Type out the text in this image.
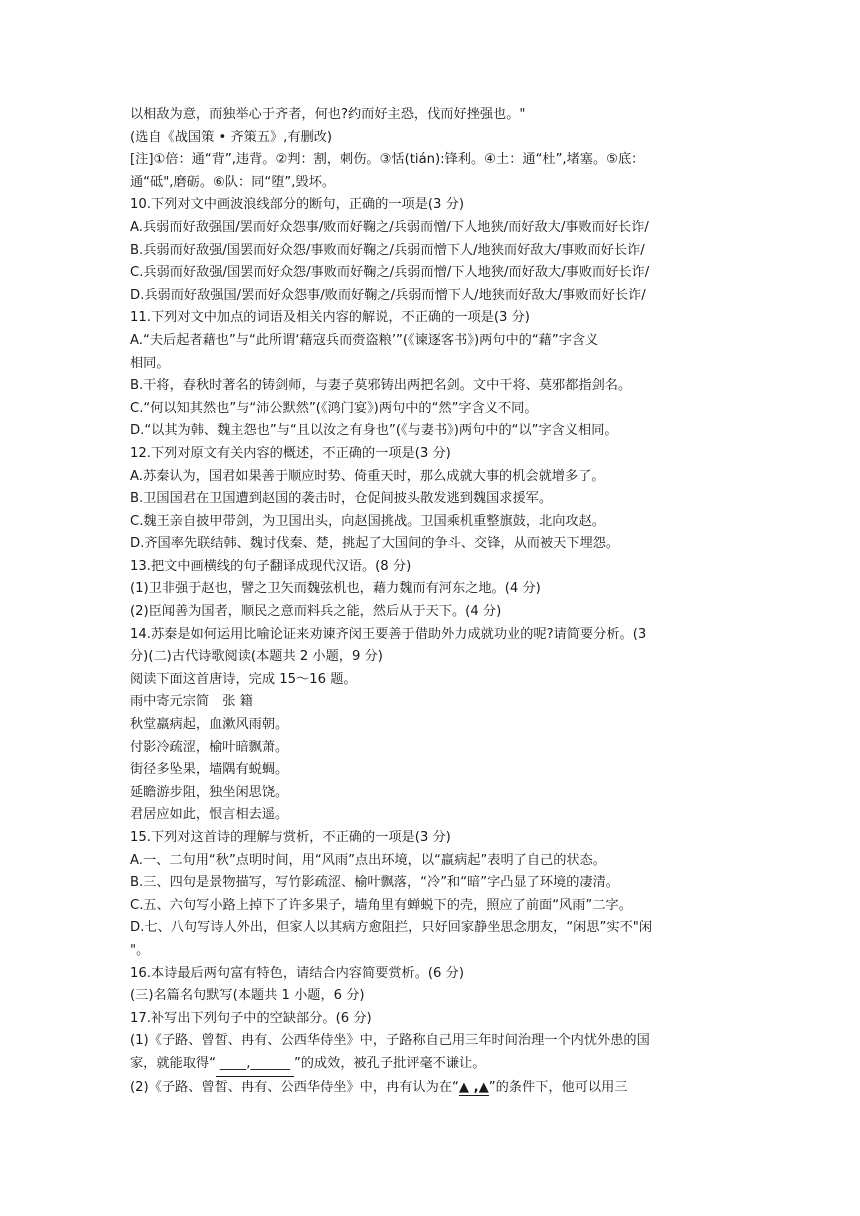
以相敌为意，而独举心于齐者，何也?约而好主恐，伐而好挫强也。"
(选自《战国策 • 齐策五》,有删改)
[注]①倍：通“背”,违背。②判：割，刺伤。③恬(tián):锋利。④土：通“杜”,堵塞。⑤底：
通“砥",磨砺。⑥队：同“堕”,毁坏。
10.下列对文中画波浪线部分的断句，正确的一项是(3 分)
A.兵弱而好敌强国/罢而好众怨事/败而好鞠之/兵弱而憎/下人地狭/而好敌大/事败而好长诈/
B.兵弱而好敌强/国罢而好众怨/事败而好鞠之/兵弱而憎下人/地狭而好敌大/事败而好长诈/
C.兵弱而好敌强/国罢而好众怨/事败而好鞠之/兵弱而憎/下人地狭/而好敌大/事败而好长诈/
D.兵弱而好敌强国/罢而好众怨事/败而好鞠之/兵弱而憎下人/地狭而好敌大/事败而好长诈/
11.下列对文中加点的词语及相关内容的解说，不正确的一项是(3 分)
A.“夫后起者藉也”与“此所谓‘藉寇兵而赍盗粮’”(《谏逐客书》)两句中的“藉”字含义
相同。
B.干将，春秋时著名的铸剑师，与妻子莫邪铸出两把名剑。文中干将、莫邪都指剑名。
C.“何以知其然也”与“沛公默然”(《鸿门宴》)两句中的“然”字含义不同。
D.“以其为韩、魏主怨也”与“且以汝之有身也”(《与妻书》)两句中的“以”字含义相同。
12.下列对原文有关内容的概述，不正确的一项是(3 分)
A.苏秦认为，国君如果善于顺应时势、倚重天时，那么成就大事的机会就增多了。
B.卫国国君在卫国遭到赵国的袭击时，仓促间披头散发逃到魏国求援军。
C.魏王亲自披甲带剑，为卫国出头，向赵国挑战。卫国乘机重整旗鼓，北向攻赵。
D.齐国率先联结韩、魏讨伐秦、楚，挑起了大国间的争斗、交锋，从而被天下埋怨。
13.把文中画横线的句子翻译成现代汉语。(8 分)
(1)卫非强于赵也，譬之卫矢而魏弦机也，藉力魏而有河东之地。(4 分)
(2)臣闻善为国者，顺民之意而料兵之能，然后从于天下。(4 分)
14.苏秦是如何运用比喻论证来劝谏齐闵王要善于借助外力成就功业的呢?请简要分析。(3
分)(二)古代诗歌阅读(本题共 2 小题，9 分)
阅读下面这首唐诗，完成 15～16 题。
雨中寄元宗简　张 籍
秋堂羸病起，血漱风雨朝。
付影冷疏涩，榆叶暗飘萧。
街径多坠果，墙隅有蜕蜩。
延瞻游步阻，独坐闲思饶。
君居应如此，恨言相去遥。
15.下列对这首诗的理解与赏析，不正确的一项是(3 分)
A.一、二句用“秋”点明时间，用“风雨”点出环境，以“羸病起”表明了自己的状态。
B.三、四句是景物描写，写竹影疏涩、榆叶飘落，“冷”和“暗”字凸显了环境的凄清。
C.五、六句写小路上掉下了许多果子，墙角里有蝉蜕下的壳，照应了前面“风雨”二字。
D.七、八句写诗人外出，但家人以其病方愈阻拦，只好回家静坐思念朋友，“闲思”实不"闲
"。
16.本诗最后两句富有特色，请结合内容简要赏析。(6 分)
(三)名篇名句默写(本题共 1 小题，6 分)
17.补写出下列句子中的空缺部分。(6 分)
(1)《子路、曾皙、冉有、公西华侍坐》中，子路称自己用三年时间治理一个内忧外患的国
家，就能取得“ ____,______ ”的成效，被孔子批评毫不谦让。
(2)《子路、曾皙、冉有、公西华侍坐》中，冉有认为在“▲ ,▲”的条件下，他可以用三
